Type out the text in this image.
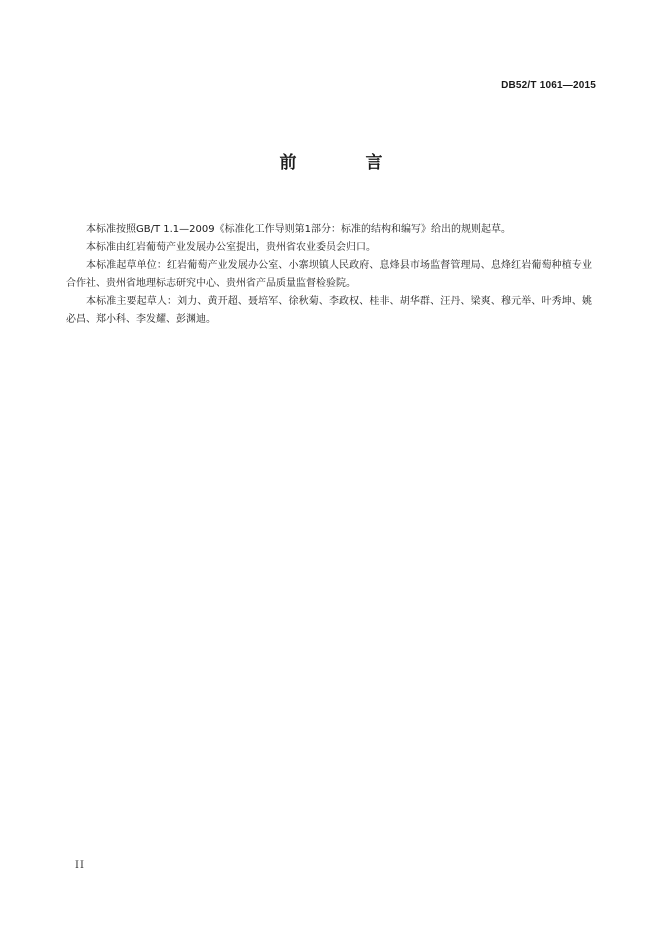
DB52/T 1061—2015
前　言

本标准按照GB/T 1.1—2009《标准化工作导则第1部分：标准的结构和编写》给出的规则起草。

本标准由红岩葡萄产业发展办公室提出，贵州省农业委员会归口。

本标准起草单位：红岩葡萄产业发展办公室、小寨坝镇人民政府、息烽县市场监督管理局、息烽红岩葡萄种植专业合作社、贵州省地理标志研究中心、贵州省产品质量监督检验院。

本标准主要起草人：刘力、黄开超、聂培军、徐秋菊、李政权、桂非、胡华群、汪丹、梁爽、穆元举、叶秀坤、姚必昌、郑小科、李发耀、彭渊迪。

II
